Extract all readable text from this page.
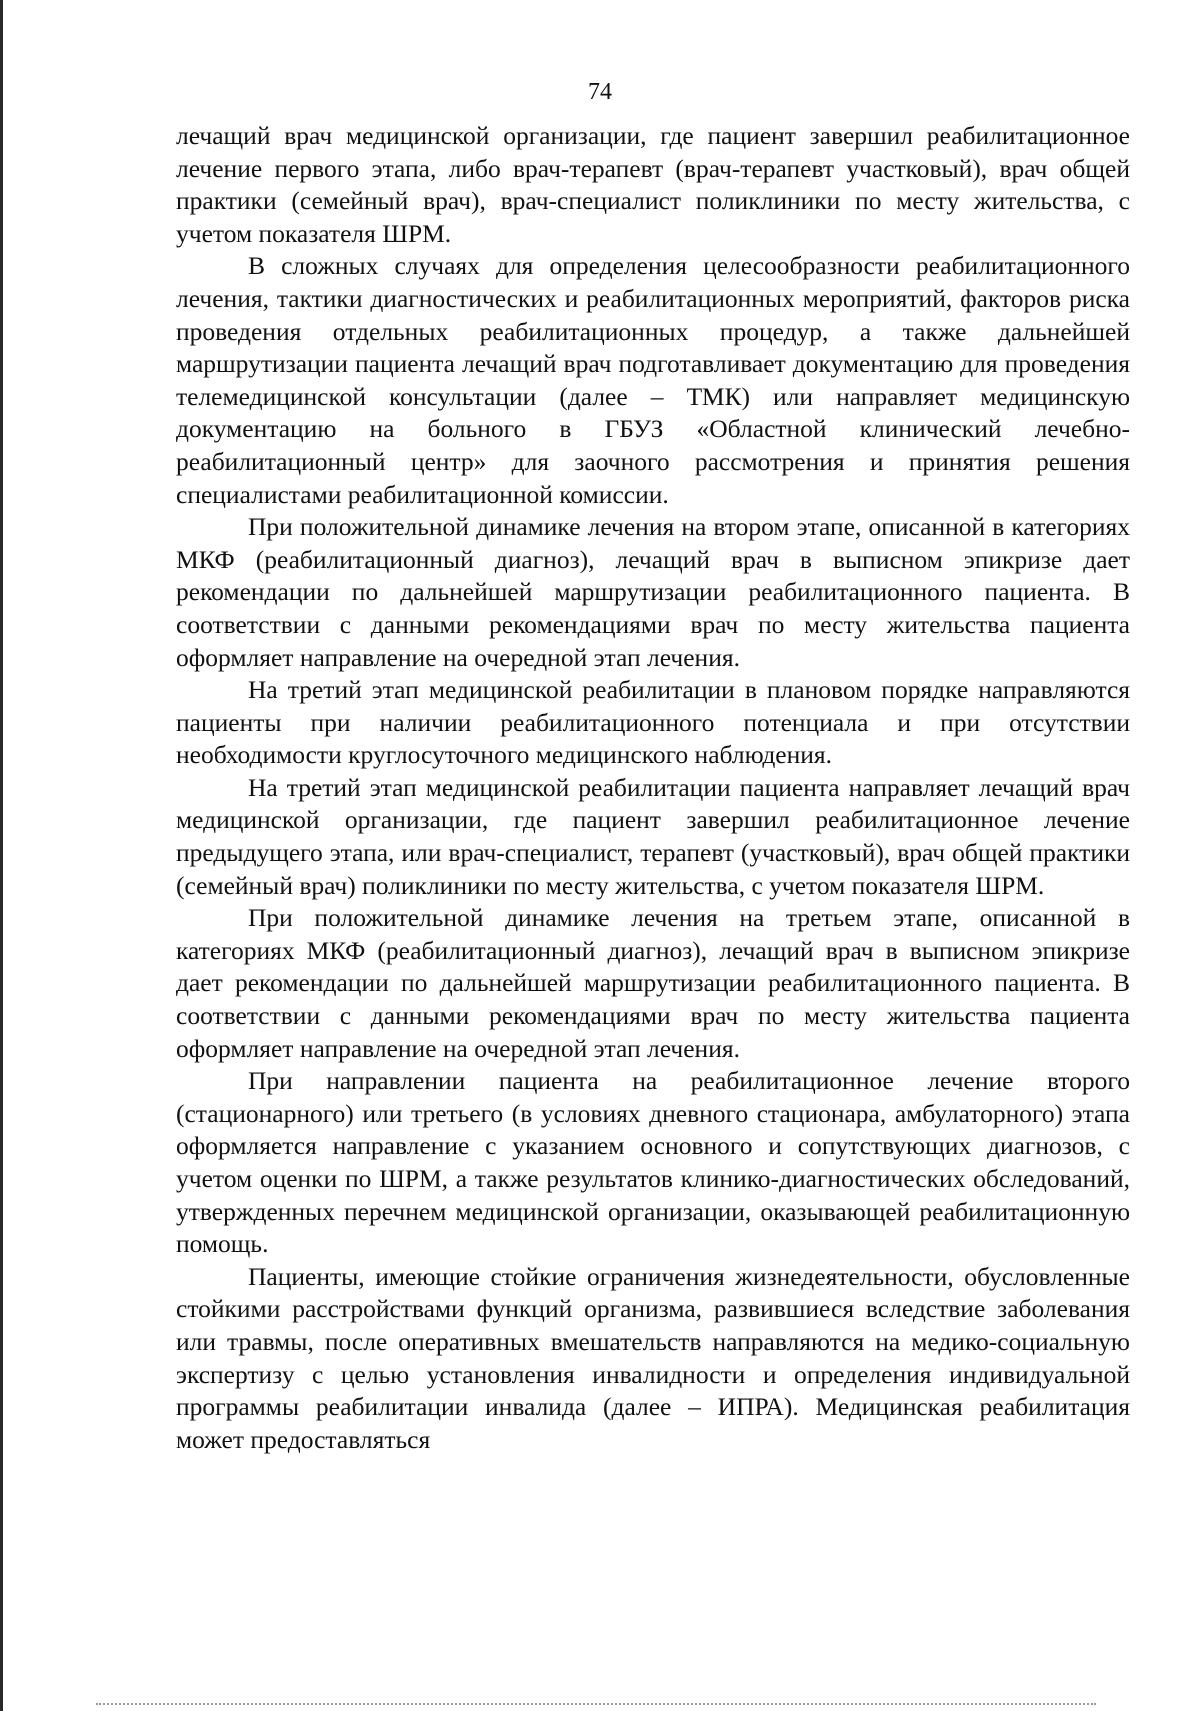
74

лечащий врач медицинской организации, где пациент завершил реабилитационное лечение первого этапа, либо врач-терапевт (врач-терапевт участковый), врач общей практики (семейный врач), врач-специалист поликлиники по месту жительства, с учетом показателя ШРМ.

В сложных случаях для определения целесообразности реабилитационного лечения, тактики диагностических и реабилитационных мероприятий, факторов риска проведения отдельных реабилитационных процедур, а также дальнейшей маршрутизации пациента лечащий врач подготавливает документацию для проведения телемедицинской консультации (далее – ТМК) или направляет медицинскую документацию на больного в ГБУЗ «Областной клинический лечебно-реабилитационный центр» для заочного рассмотрения и принятия решения специалистами реабилитационной комиссии.

При положительной динамике лечения на втором этапе, описанной в категориях МКФ (реабилитационный диагноз), лечащий врач в выписном эпикризе дает рекомендации по дальнейшей маршрутизации реабилитационного пациента. В соответствии с данными рекомендациями врач по месту жительства пациента оформляет направление на очередной этап лечения.

На третий этап медицинской реабилитации в плановом порядке направляются пациенты при наличии реабилитационного потенциала и при отсутствии необходимости круглосуточного медицинского наблюдения.

На третий этап медицинской реабилитации пациента направляет лечащий врач медицинской организации, где пациент завершил реабилитационное лечение предыдущего этапа, или врач-специалист, терапевт (участковый), врач общей практики (семейный врач) поликлиники по месту жительства, с учетом показателя ШРМ.

При положительной динамике лечения на третьем этапе, описанной в категориях МКФ (реабилитационный диагноз), лечащий врач в выписном эпикризе дает рекомендации по дальнейшей маршрутизации реабилитационного пациента. В соответствии с данными рекомендациями врач по месту жительства пациента оформляет направление на очередной этап лечения.

При направлении пациента на реабилитационное лечение второго (стационарного) или третьего (в условиях дневного стационара, амбулаторного) этапа оформляется направление с указанием основного и сопутствующих диагнозов, с учетом оценки по ШРМ, а также результатов клинико-диагностических обследований, утвержденных перечнем медицинской организации, оказывающей реабилитационную помощь.

Пациенты, имеющие стойкие ограничения жизнедеятельности, обусловленные стойкими расстройствами функций организма, развившиеся вследствие заболевания или травмы, после оперативных вмешательств направляются на медико-социальную экспертизу с целью установления инвалидности и определения индивидуальной программы реабилитации инвалида (далее – ИПРА). Медицинская реабилитация может предоставляться
